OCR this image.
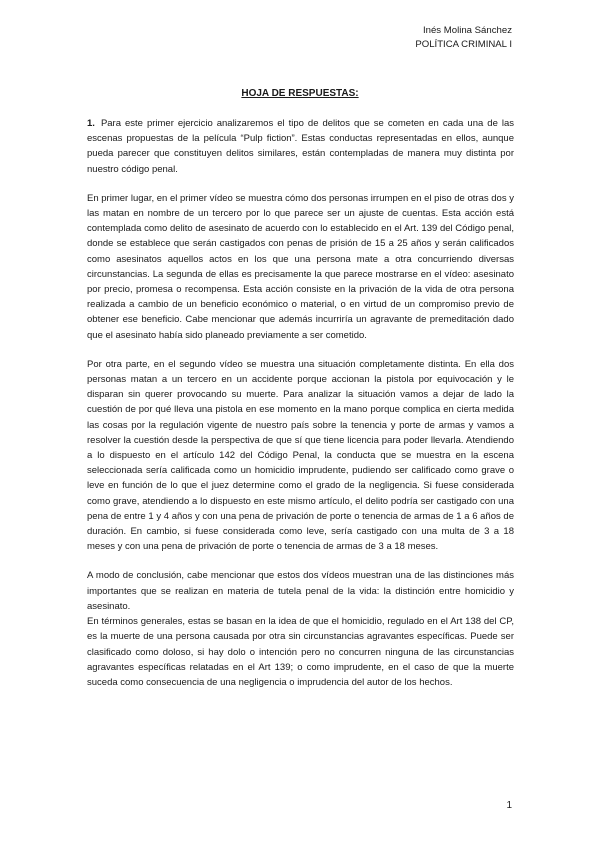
Inés Molina Sánchez
POLÍTICA CRIMINAL I
HOJA DE RESPUESTAS:

1. Para este primer ejercicio analizaremos el tipo de delitos que se cometen en cada una de las escenas propuestas de la película “Pulp fiction”. Estas conductas representadas en ellos, aunque pueda parecer que constituyen delitos similares, están contempladas de manera muy distinta por nuestro código penal.

En primer lugar, en el primer vídeo se muestra cómo dos personas irrumpen en el piso de otras dos y las matan en nombre de un tercero por lo que parece ser un ajuste de cuentas. Esta acción está contemplada como delito de asesinato de acuerdo con lo establecido en el Art. 139 del Código penal, donde se establece que serán castigados con penas de prisión de 15 a 25 años y serán calificados como asesinatos aquellos actos en los que una persona mate a otra concurriendo diversas circunstancias. La segunda de ellas es precisamente la que parece mostrarse en el vídeo: asesinato por precio, promesa o recompensa. Esta acción consiste en la privación de la vida de otra persona realizada a cambio de un beneficio económico o material, o en virtud de un compromiso previo de obtener ese beneficio. Cabe mencionar que además incurriría un agravante de premeditación dado que el asesinato había sido planeado previamente a ser cometido.

Por otra parte, en el segundo vídeo se muestra una situación completamente distinta. En ella dos personas matan a un tercero en un accidente porque accionan la pistola por equivocación y le disparan sin querer provocando su muerte. Para analizar la situación vamos a dejar de lado la cuestión de por qué lleva una pistola en ese momento en la mano porque complica en cierta medida las cosas por la regulación vigente de nuestro país sobre la tenencia y porte de armas y vamos a resolver la cuestión desde la perspectiva de que sí que tiene licencia para poder llevarla. Atendiendo a lo dispuesto en el artículo 142 del Código Penal, la conducta que se muestra en la escena seleccionada sería calificada como un homicidio imprudente, pudiendo ser calificado como grave o leve en función de lo que el juez determine como el grado de la negligencia. Si fuese considerada como grave, atendiendo a lo dispuesto en este mismo artículo, el delito podría ser castigado con una pena de entre 1 y 4 años y con una pena de privación de porte o tenencia de armas de 1 a 6 años de duración. En cambio, si fuese considerada como leve, sería castigado con una multa de 3 a 18 meses y con una pena de privación de porte o tenencia de armas de 3 a 18 meses.

A modo de conclusión, cabe mencionar que estos dos vídeos muestran una de las distinciones más importantes que se realizan en materia de tutela penal de la vida: la distinción entre homicidio y asesinato.

En términos generales, estas se basan en la idea de que el homicidio, regulado en el Art 138 del CP, es la muerte de una persona causada por otra sin circunstancias agravantes específicas. Puede ser clasificado como doloso, si hay dolo o intención pero no concurren ninguna de las circunstancias agravantes específicas relatadas en el Art 139; o como imprudente, en el caso de que la muerte suceda como consecuencia de una negligencia o imprudencia del autor de los hechos.

1
